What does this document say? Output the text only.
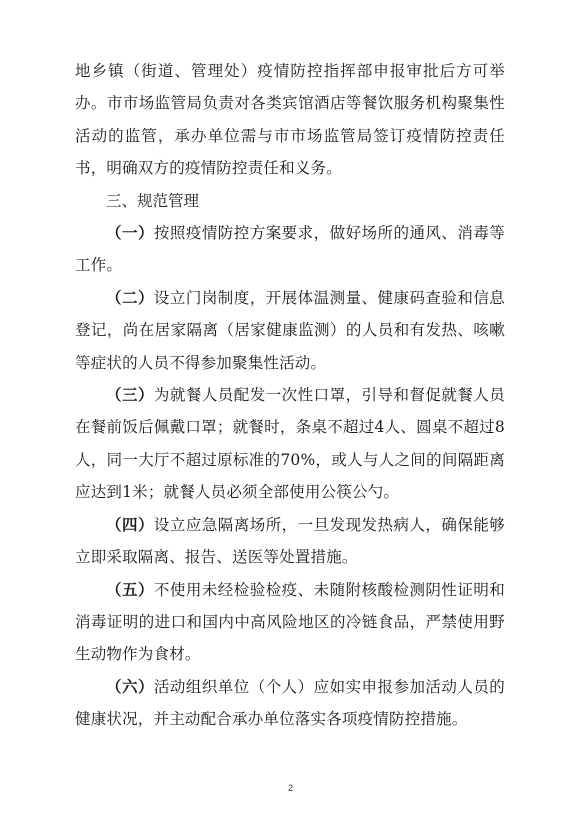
地乡镇（街道、管理处）疫情防控指挥部申报审批后方可举办。市市场监管局负责对各类宾馆酒店等餐饮服务机构聚集性活动的监管，承办单位需与市市场监管局签订疫情防控责任书，明确双方的疫情防控责任和义务。

三、规范管理

（一）按照疫情防控方案要求，做好场所的通风、消毒等工作。

（二）设立门岗制度，开展体温测量、健康码查验和信息登记，尚在居家隔离（居家健康监测）的人员和有发热、咳嗽等症状的人员不得参加聚集性活动。

（三）为就餐人员配发一次性口罩，引导和督促就餐人员在餐前饭后佩戴口罩；就餐时，条桌不超过4人、圆桌不超过8人，同一大厅不超过原标准的70%，或人与人之间的间隔距离应达到1米；就餐人员必须全部使用公筷公勺。

（四）设立应急隔离场所，一旦发现发热病人，确保能够立即采取隔离、报告、送医等处置措施。

（五）不使用未经检验检疫、未随附核酸检测阴性证明和消毒证明的进口和国内中高风险地区的冷链食品，严禁使用野生动物作为食材。

（六）活动组织单位（个人）应如实申报参加活动人员的健康状况，并主动配合承办单位落实各项疫情防控措施。

2
